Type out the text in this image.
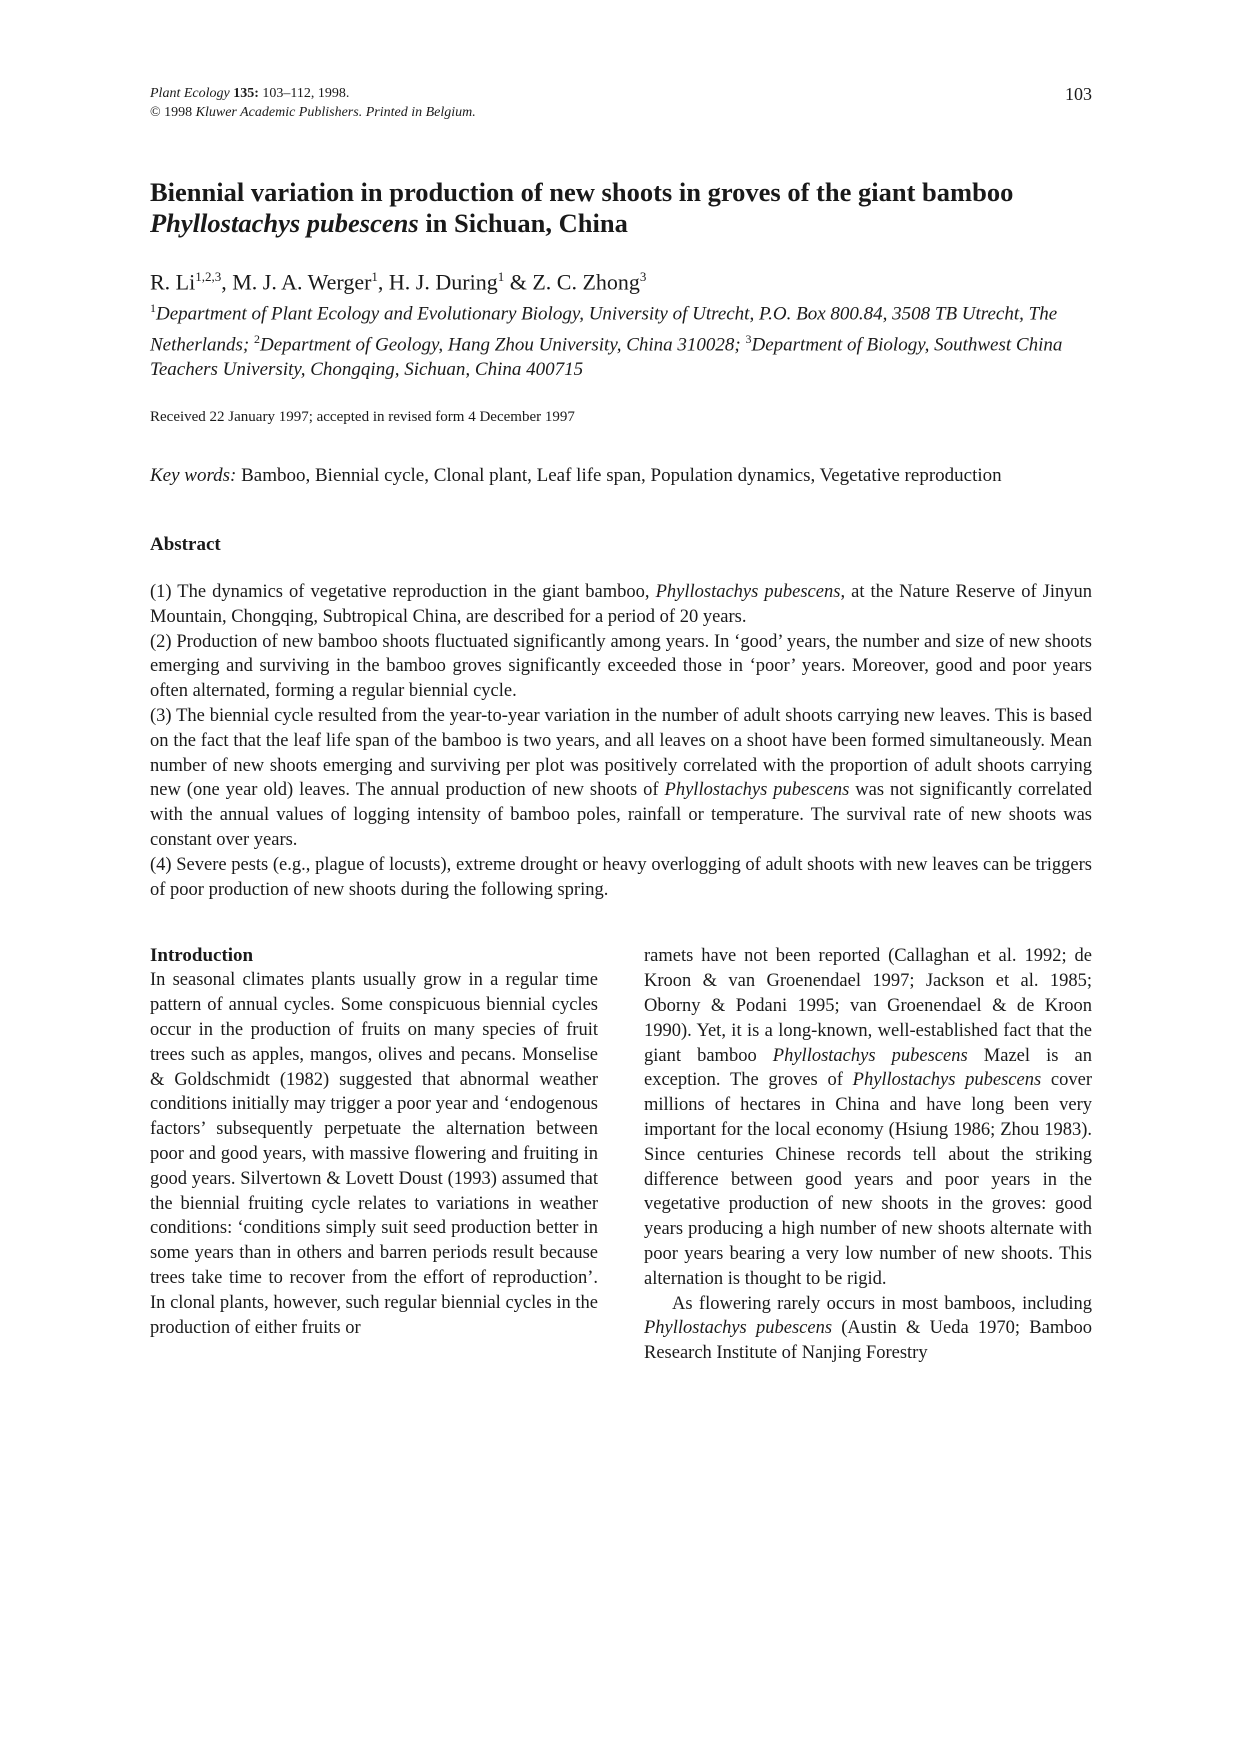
Plant Ecology 135: 103–112, 1998.
© 1998 Kluwer Academic Publishers. Printed in Belgium.
103
Biennial variation in production of new shoots in groves of the giant bamboo
Phyllostachys pubescens in Sichuan, China
R. Li$^{1,2,3}$, M. J. A. Werger$^1$, H. J. During$^1$ & Z. C. Zhong$^3$
$^1$Department of Plant Ecology and Evolutionary Biology, University of Utrecht, P.O. Box 800.84, 3508 TB Utrecht, The Netherlands; $^2$Department of Geology, Hang Zhou University, China 310028; $^3$Department of Biology, Southwest China Teachers University, Chongqing, Sichuan, China 400715
Received 22 January 1997; accepted in revised form 4 December 1997
Key words: Bamboo, Biennial cycle, Clonal plant, Leaf life span, Population dynamics, Vegetative reproduction
Abstract

(1) The dynamics of vegetative reproduction in the giant bamboo, Phyllostachys pubescens, at the Nature Reserve of Jinyun Mountain, Chongqing, Subtropical China, are described for a period of 20 years.

(2) Production of new bamboo shoots fluctuated significantly among years. In ‘good’ years, the number and size of new shoots emerging and surviving in the bamboo groves significantly exceeded those in ‘poor’ years. Moreover, good and poor years often alternated, forming a regular biennial cycle.

(3) The biennial cycle resulted from the year-to-year variation in the number of adult shoots carrying new leaves. This is based on the fact that the leaf life span of the bamboo is two years, and all leaves on a shoot have been formed simultaneously. Mean number of new shoots emerging and surviving per plot was positively correlated with the proportion of adult shoots carrying new (one year old) leaves. The annual production of new shoots of Phyllostachys pubescens was not significantly correlated with the annual values of logging intensity of bamboo poles, rainfall or temperature. The survival rate of new shoots was constant over years.

(4) Severe pests (e.g., plague of locusts), extreme drought or heavy overlogging of adult shoots with new leaves can be triggers of poor production of new shoots during the following spring.

Introduction

In seasonal climates plants usually grow in a regular time pattern of annual cycles. Some conspicuous biennial cycles occur in the production of fruits on many species of fruit trees such as apples, mangos, olives and pecans. Monselise & Goldschmidt (1982) suggested that abnormal weather conditions initially may trigger a poor year and ‘endogenous factors’ subsequently perpetuate the alternation between poor and good years, with massive flowering and fruiting in good years. Silvertown & Lovett Doust (1993) assumed that the biennial fruiting cycle relates to variations in weather conditions: ‘conditions simply suit seed production better in some years than in others and barren periods result because trees take time to recover from the effort of reproduction’. In clonal plants, however, such regular biennial cycles in the production of either fruits or

ramets have not been reported (Callaghan et al. 1992; de Kroon & van Groenendael 1997; Jackson et al. 1985; Oborny & Podani 1995; van Groenendael & de Kroon 1990). Yet, it is a long-known, well-established fact that the giant bamboo Phyllostachys pubescens Mazel is an exception. The groves of Phyllostachys pubescens cover millions of hectares in China and have long been very important for the local economy (Hsiung 1986; Zhou 1983). Since centuries Chinese records tell about the striking difference between good years and poor years in the vegetative production of new shoots in the groves: good years producing a high number of new shoots alternate with poor years bearing a very low number of new shoots. This alternation is thought to be rigid.

As flowering rarely occurs in most bamboos, including Phyllostachys pubescens (Austin & Ueda 1970; Bamboo Research Institute of Nanjing Forestry
